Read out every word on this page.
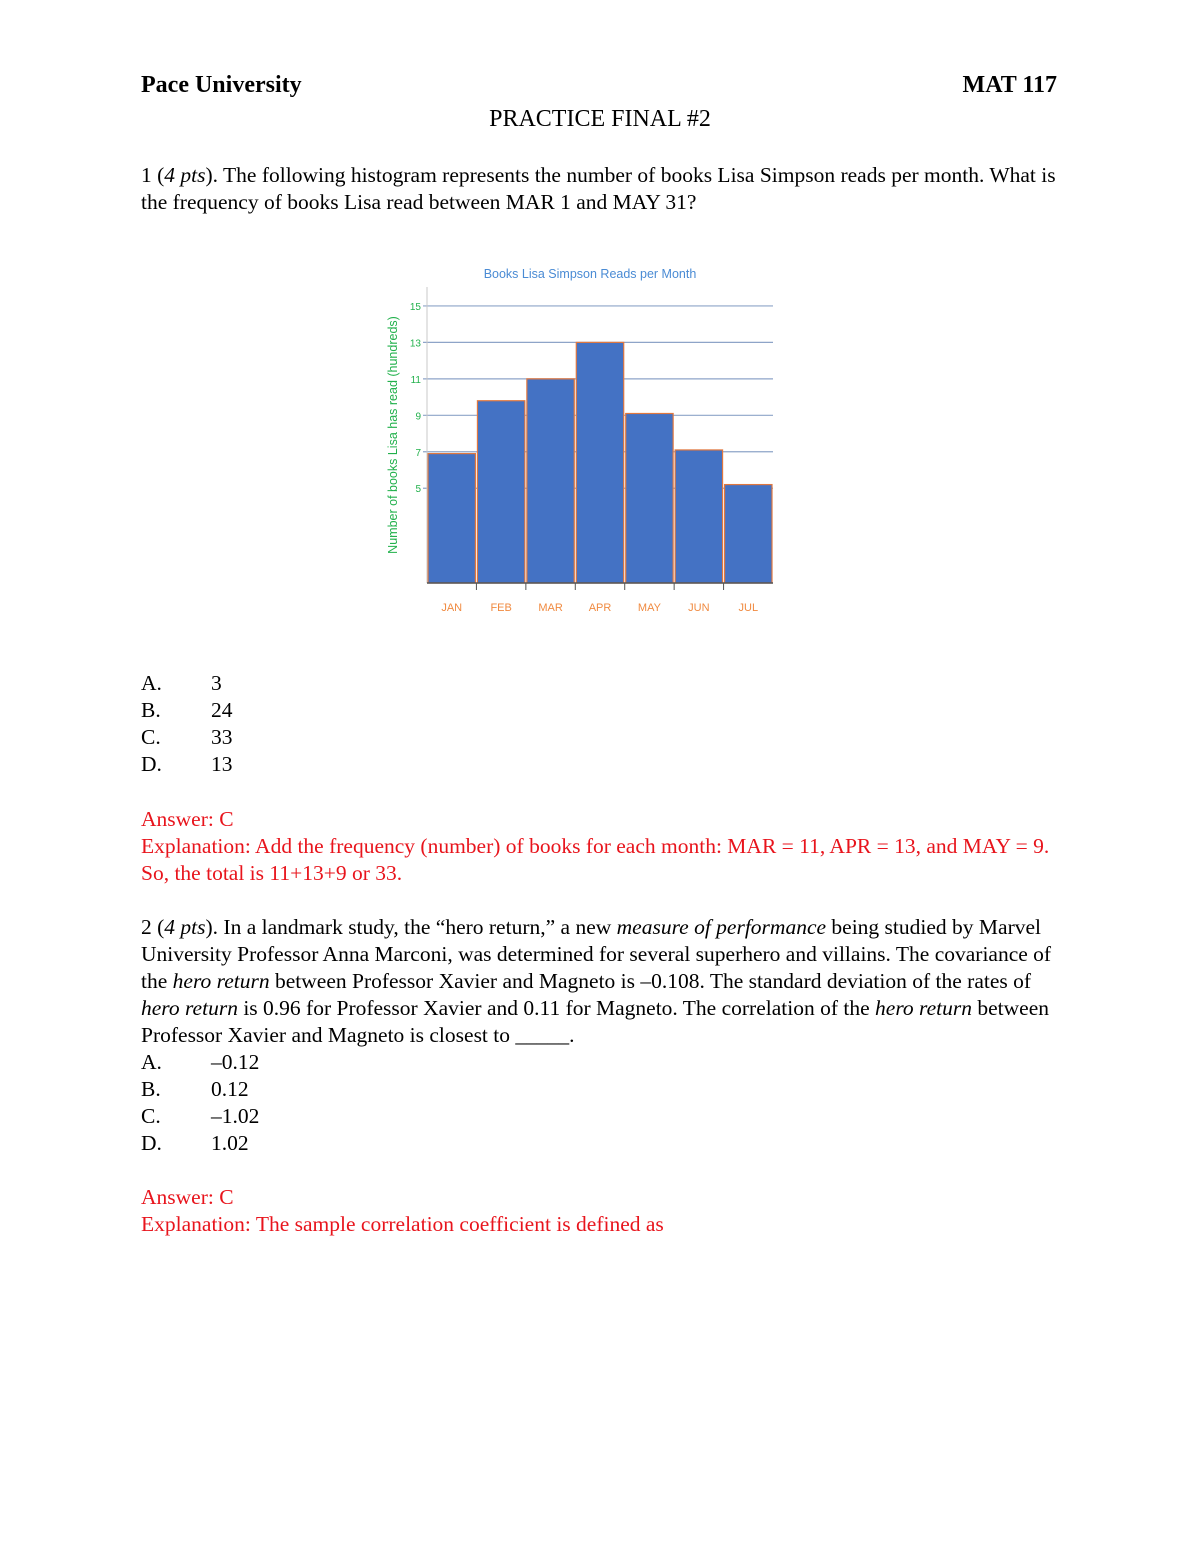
Pace University	MAT 117
PRACTICE FINAL #2
1 (4 pts). The following histogram represents the number of books Lisa Simpson reads per month. What is the frequency of books Lisa read between MAR 1 and MAY 31?
Books Lisa Simpson Reads per Month
Number of books Lisa has read (hundreds) 5
7
9
11
13
15
JAN	FEB MAR APR MAY JUN	JUL
A. 3
B. 24
C. 33
D. 13
Answer: C
Explanation: Add the frequency (number) of books for each month: MAR = 11, APR = 13, and MAY = 9. So, the total is 11+13+9 or 33.
2 (4 pts). In a landmark study, the “hero return,” a new measure of performance being studied by Marvel University Professor Anna Marconi, was determined for several superhero and villains. The covariance of the hero return between Professor Xavier and Magneto is –0.108. The standard deviation of the rates of hero return is 0.96 for Professor Xavier and 0.11 for Magneto. The correlation of the hero return between Professor Xavier and Magneto is closest to _____.
A. –0.12
B. 0.12
C. –1.02
D. 1.02
Answer: C
Explanation: The sample correlation coefficient is defined as
